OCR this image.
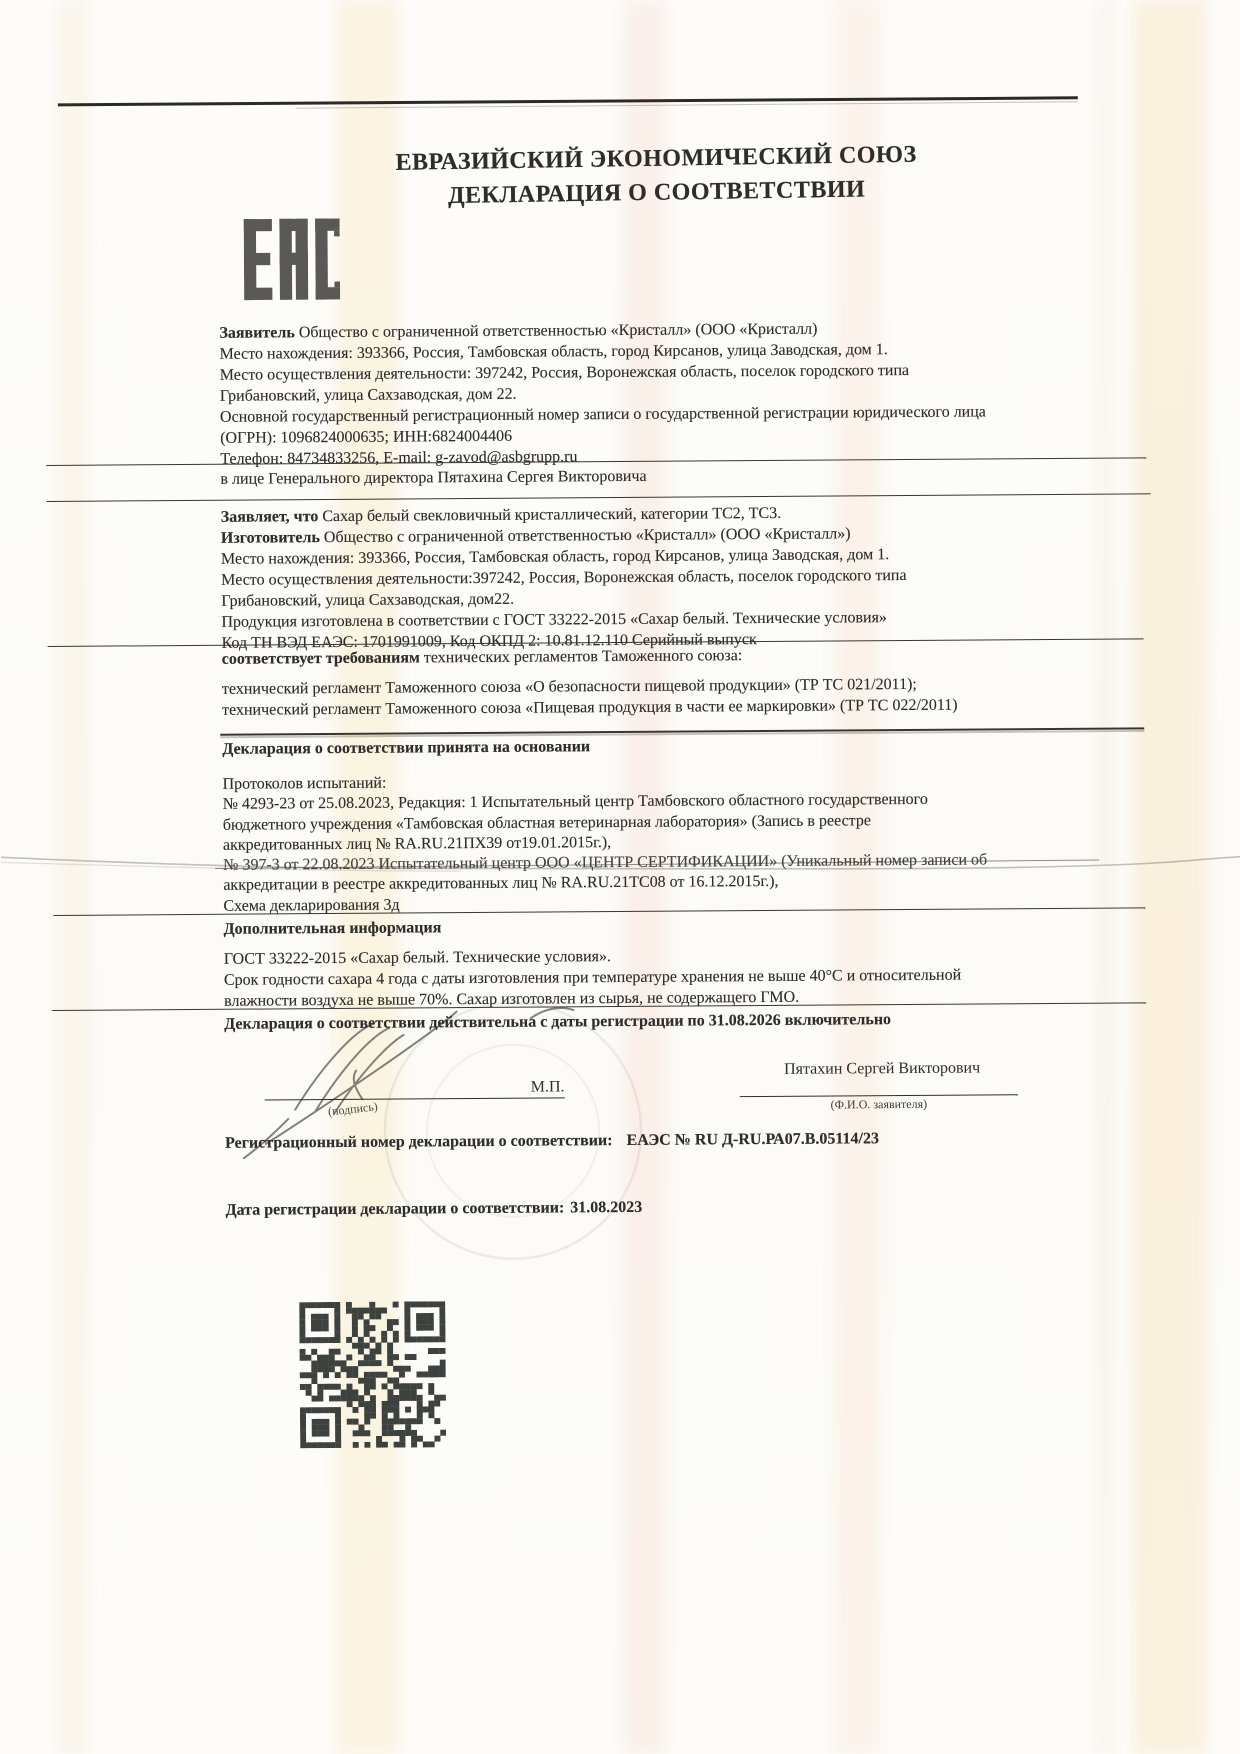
ЕВРАЗИЙСКИЙ ЭКОНОМИЧЕСКИЙ СОЮЗ
ДЕКЛАРАЦИЯ О СООТВЕТСТВИИ
Заявитель Общество с ограниченной ответственностью «Кристалл» (ООО «Кристалл)
Место нахождения: 393366, Россия, Тамбовская область, город Кирсанов, улица Заводская, дом 1.
Место осуществления деятельности: 397242, Россия, Воронежская область, поселок городского типа
Грибановский, улица Сахзаводская, дом 22.
Основной государственный регистрационный номер записи о государственной регистрации юридического лица
(ОГРН): 1096824000635; ИНН:6824004406
Телефон: 84734833256, E-mail: g-zavod@asbgrupp.ru
в лице Генерального директора Пятахина Сергея Викторовича
Заявляет, что Сахар белый свекловичный кристаллический, категории ТС2, ТС3.
Изготовитель Общество с ограниченной ответственностью «Кристалл» (ООО «Кристалл»)
Место нахождения: 393366, Россия, Тамбовская область, город Кирсанов, улица Заводская, дом 1.
Место осуществления деятельности:397242, Россия, Воронежская область, поселок городского типа
Грибановский, улица Сахзаводская, дом22.
Продукция изготовлена в соответствии с ГОСТ 33222-2015 «Сахар белый. Технические условия»
Код ТН ВЭД ЕАЭС: 1701991009, Код ОКПД 2: 10.81.12.110 Серийный выпуск
соответствует требованиям технических регламентов Таможенного союза:
технический регламент Таможенного союза «О безопасности пищевой продукции» (ТР ТС 021/2011);
технический регламент Таможенного союза «Пищевая продукция в части ее маркировки» (ТР ТС 022/2011)
Декларация о соответствии принята на основании
Протоколов испытаний:
№ 4293-23 от 25.08.2023, Редакция: 1 Испытательный центр Тамбовского областного государственного
бюджетного учреждения «Тамбовская областная ветеринарная лаборатория» (Запись в реестре
аккредитованных лиц № RA.RU.21ПХ39 от19.01.2015г.),
№ 397-3 от 22.08.2023 Испытательный центр ООО «ЦЕНТР СЕРТИФИКАЦИИ» (Уникальный номер записи об
аккредитации в реестре аккредитованных лиц № RA.RU.21ТС08 от 16.12.2015г.),
Схема декларирования 3д
Дополнительная информация
ГОСТ 33222-2015 «Сахар белый. Технические условия».
Срок годности сахара 4 года с даты изготовления при температуре хранения не выше 40°С и относительной
влажности воздуха не выше 70%. Сахар изготовлен из сырья, не содержащего ГМО.
Декларация о соответствии действительна с даты регистрации по 31.08.2026 включительно
(подпись)
М.П.
Пятахин Сергей Викторович
(Ф.И.О. заявителя)
Регистрационный номер декларации о соответствии: ЕАЭС № RU Д-RU.РА07.В.05114/23
Дата регистрации декларации о соответствии: 31.08.2023
